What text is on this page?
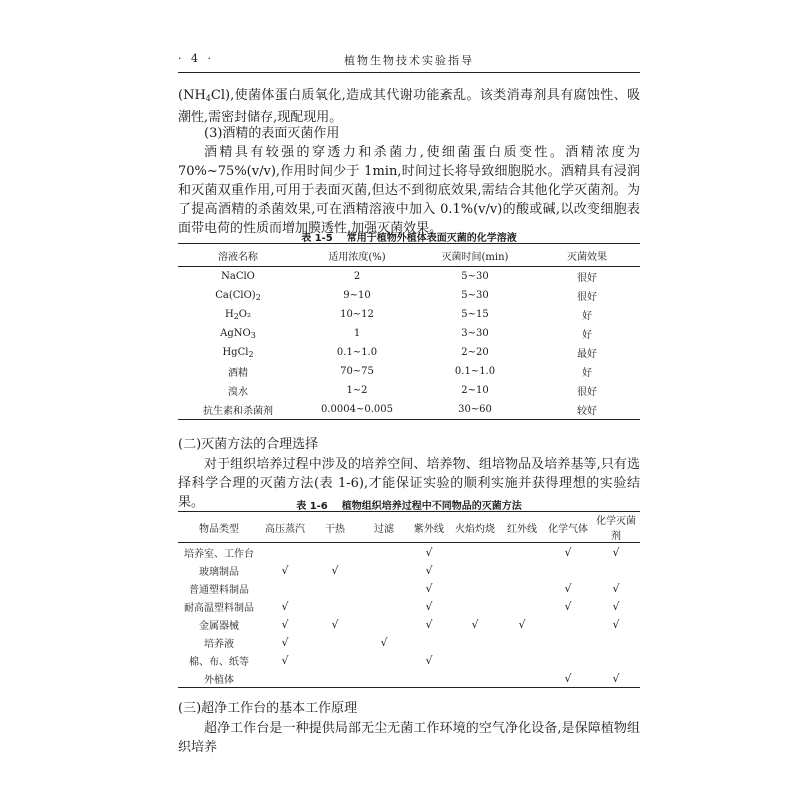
· 4 ·	植物生物技术实验指导
$(NH_4Cl)$,使菌体蛋白质氧化,造成其代谢功能紊乱。该类消毒剂具有腐蚀性、吸潮性,需密封储存,现配现用。
(3)酒精的表面灭菌作用
酒精具有较强的穿透力和杀菌力,使细菌蛋白质变性。酒精浓度为 70%~75%(v/v),作用时间少于 1min,时间过长将导致细胞脱水。酒精具有浸润和灭菌双重作用,可用于表面灭菌,但达不到彻底效果,需结合其他化学灭菌剂。为了提高酒精的杀菌效果,可在酒精溶液中加入 0.1%(v/v)的酸或碱,以改变细胞表面带电荷的性质而增加膜透性,加强灭菌效果。
表 1-5 常用于植物外植体表面灭菌的化学溶液
溶液名称	适用浓度(%)	灭菌时间(min)	灭菌效果
NaClO	2	5~30	很好
$Ca(ClO)_2$	9~10	5~30	很好
$H_2O_2$	10~12	5~15	好
AgNO$_3$	1	3~30	好
HgCl$_2$	0.1~1.0	2~20	最好
酒精	70~75	0.1~1.0	好
溴水	1~2	2~10	很好
抗生素和杀菌剂	0.0004~0.005	30~60	较好
(二)灭菌方法的合理选择
对于组织培养过程中涉及的培养空间、培养物、组培物品及培养基等,只有选择科学合理的灭菌方法(表 1-6),才能保证实验的顺利实施并获得理想的实验结果。	表 1-6 植物组织培养过程中不同物品的灭菌方法
物品类型	高压蒸汽	干热	过滤	紫外线	火焰灼烧	红外线	化学气体	化学灭菌剂
培养室、工作台				√			√	√
玻璃制品	√	√		√				
普通塑料制品				√			√	√
耐高温塑料制品	√			√			√	√
金属器械	√	√		√	√	√		√
培养液	√		√					
棉、布、纸等	√			√				
外植体							√	√
(三)超净工作台的基本工作原理
超净工作台是一种提供局部无尘无菌工作环境的空气净化设备,是保障植物组织培养
